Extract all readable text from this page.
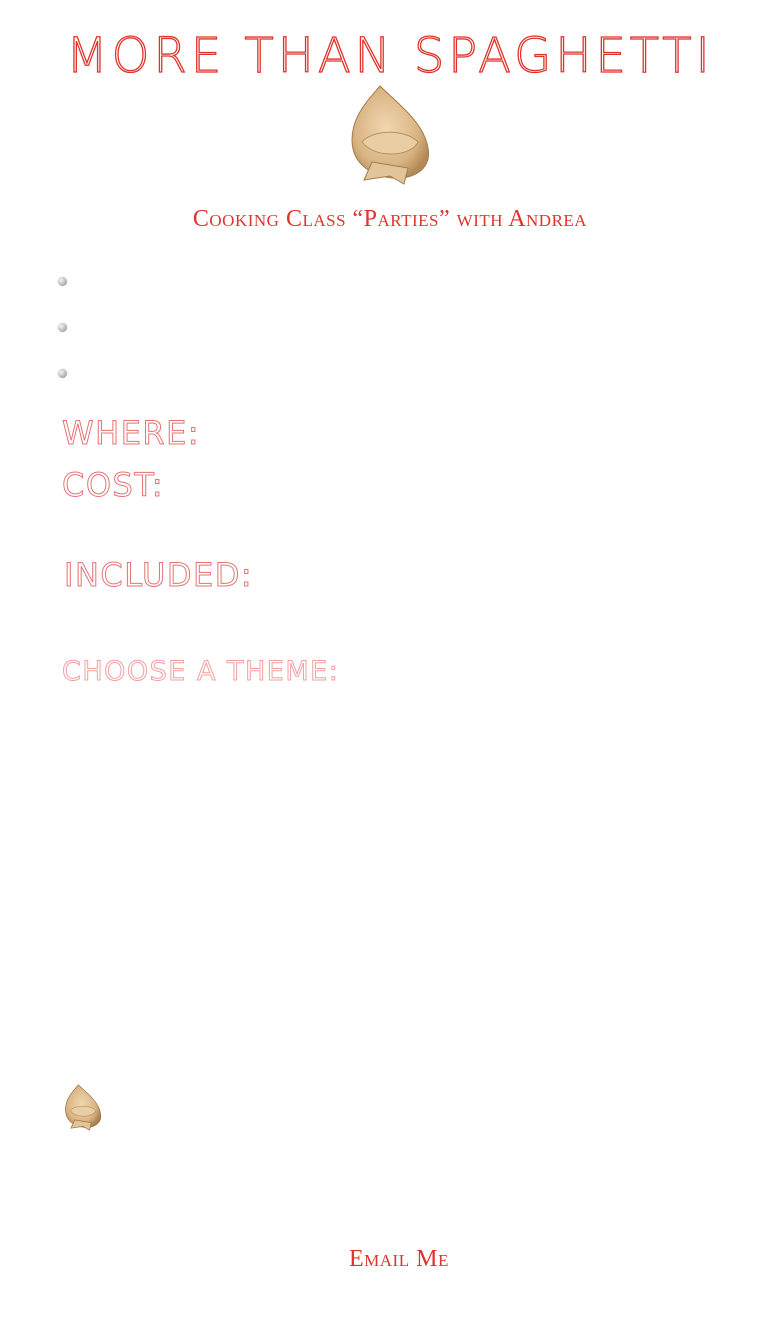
MORE THAN SPAGHETTI
Cooking Class “Parties” with Andrea
WHERE:
COST:
INCLUDED:
CHOOSE A THEME:
Email Me
